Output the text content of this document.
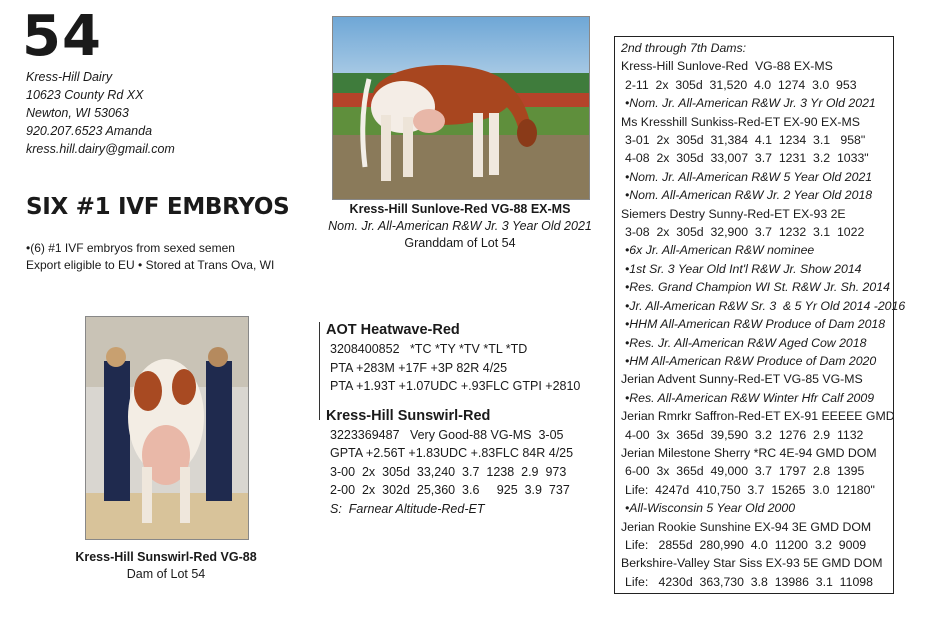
54
Kress-Hill Dairy
10623 County Rd XX
Newton, WI 53063
920.207.6523 Amanda
kress.hill.dairy@gmail.com
SIX #1 IVF EMBRYOS
•(6) #1 IVF embryos from sexed semen
Export eligible to EU • Stored at Trans Ova, WI
Kress-Hill Sunlove-Red VG-88 EX-MS
Nom. Jr. All-American R&W Jr. 3 Year Old 2021
Granddam of Lot 54
Kress-Hill Sunswirl-Red VG-88
Dam of Lot 54
AOT Heatwave-Red
3208400852   *TC *TY *TV *TL *TD
PTA +283M +17F +3P 82R 4/25
PTA +1.93T +1.07UDC +.93FLC GTPI +2810
Kress-Hill Sunswirl-Red
3223369487   Very Good-88 VG-MS  3-05
GPTA +2.56T +1.83UDC +.83FLC 84R 4/25
3-00  2x  305d  33,240  3.7  1238  2.9  973
2-00  2x  302d  25,360  3.6     925  3.9  737
S:  Farnear Altitude-Red-ET
2nd through 7th Dams:
Kress-Hill Sunlove-Red  VG-88 EX-MS
2-11  2x  305d  31,520  4.0  1274  3.0  953
•Nom. Jr. All-American R&W Jr. 3 Yr Old 2021
Ms Kresshill Sunkiss-Red-ET EX-90 EX-MS
3-01  2x  305d  31,384  4.1  1234  3.1   958"
4-08  2x  305d  33,007  3.7  1231  3.2  1033"
•Nom. Jr. All-American R&W 5 Year Old 2021
•Nom. All-American R&W Jr. 2 Year Old 2018
Siemers Destry Sunny-Red-ET EX-93 2E
3-08  2x  305d  32,900  3.7  1232  3.1  1022
•6x Jr. All-American R&W nominee
•1st Sr. 3 Year Old Int'l R&W Jr. Show 2014
•Res. Grand Champion WI St. R&W Jr. Sh. 2014
•Jr. All-American R&W Sr. 3  & 5 Yr Old 2014 -2016
•HHM All-American R&W Produce of Dam 2018
•Res. Jr. All-American R&W Aged Cow 2018
•HM All-American R&W Produce of Dam 2020
Jerian Advent Sunny-Red-ET VG-85 VG-MS
•Res. All-American R&W Winter Hfr Calf 2009
Jerian Rmrkr Saffron-Red-ET EX-91 EEEEE GMD
4-00  3x  365d  39,590  3.2  1276  2.9  1132
Jerian Milestone Sherry *RC 4E-94 GMD DOM
6-00  3x  365d  49,000  3.7  1797  2.8  1395
Life:  4247d  410,750  3.7  15265  3.0  12180"
•All-Wisconsin 5 Year Old 2000
Jerian Rookie Sunshine EX-94 3E GMD DOM
Life:   2855d  280,990  4.0  11200  3.2  9009
Berkshire-Valley Star Siss EX-93 5E GMD DOM
Life:   4230d  363,730  3.8  13986  3.1  11098
